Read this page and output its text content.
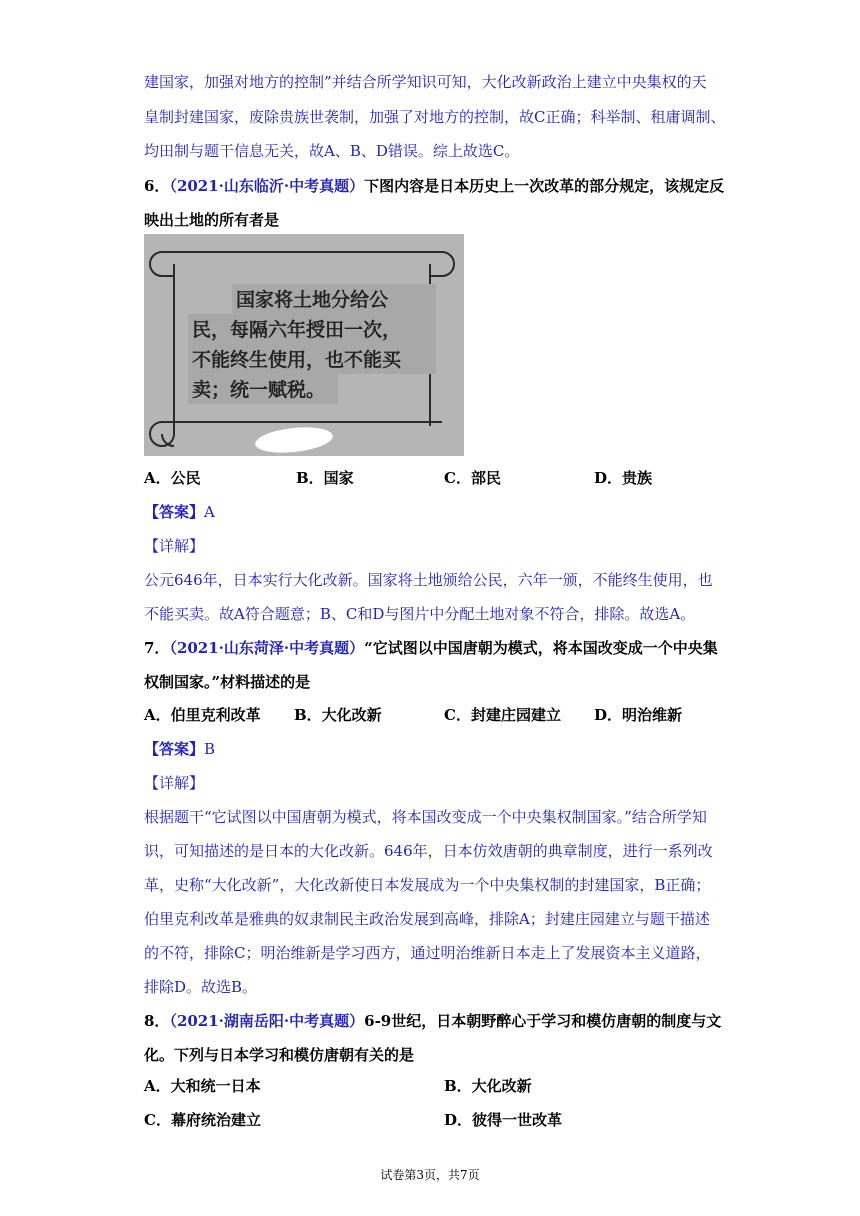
建国家，加强对地方的控制”并结合所学知识可知，大化改新政治上建立中央集权的天
皇制封建国家，废除贵族世袭制，加强了对地方的控制，故C正确；科举制、租庸调制、
均田制与题干信息无关，故A、B、D错误。综上故选C。
6．（2021·山东临沂·中考真题）下图内容是日本历史上一次改革的部分规定，该规定反
映出土地的所有者是
国家将土地分给公
民，每隔六年授田一次，
不能终生使用，也不能买
卖；统一赋税。
A．公民	B．国家	C．部民	D．贵族
【答案】A
【详解】
公元646年，日本实行大化改新。国家将土地颁给公民，六年一颁，不能终生使用，也
不能买卖。故A符合题意；B、C和D与图片中分配土地对象不符合，排除。故选A。
7．（2021·山东菏泽·中考真题）“它试图以中国唐朝为模式，将本国改变成一个中央集
权制国家。”材料描述的是
A．伯里克利改革 B．大化改新	C．封建庄园建立 D．明治维新
【答案】B
【详解】
根据题干“它试图以中国唐朝为模式，将本国改变成一个中央集权制国家。”结合所学知
识，可知描述的是日本的大化改新。646年，日本仿效唐朝的典章制度，进行一系列改
革，史称“大化改新”，大化改新使日本发展成为一个中央集权制的封建国家，B正确；
伯里克利改革是雅典的奴隶制民主政治发展到高峰，排除A；封建庄园建立与题干描述
的不符，排除C；明治维新是学习西方，通过明治维新日本走上了发展资本主义道路，
排除D。故选B。
8．（2021·湖南岳阳·中考真题）6-9世纪，日本朝野醉心于学习和模仿唐朝的制度与文
化。下列与日本学习和模仿唐朝有关的是
A．大和统一日本	B．大化改新
C．幕府统治建立	D．彼得一世改革
试卷第3页，共7页
